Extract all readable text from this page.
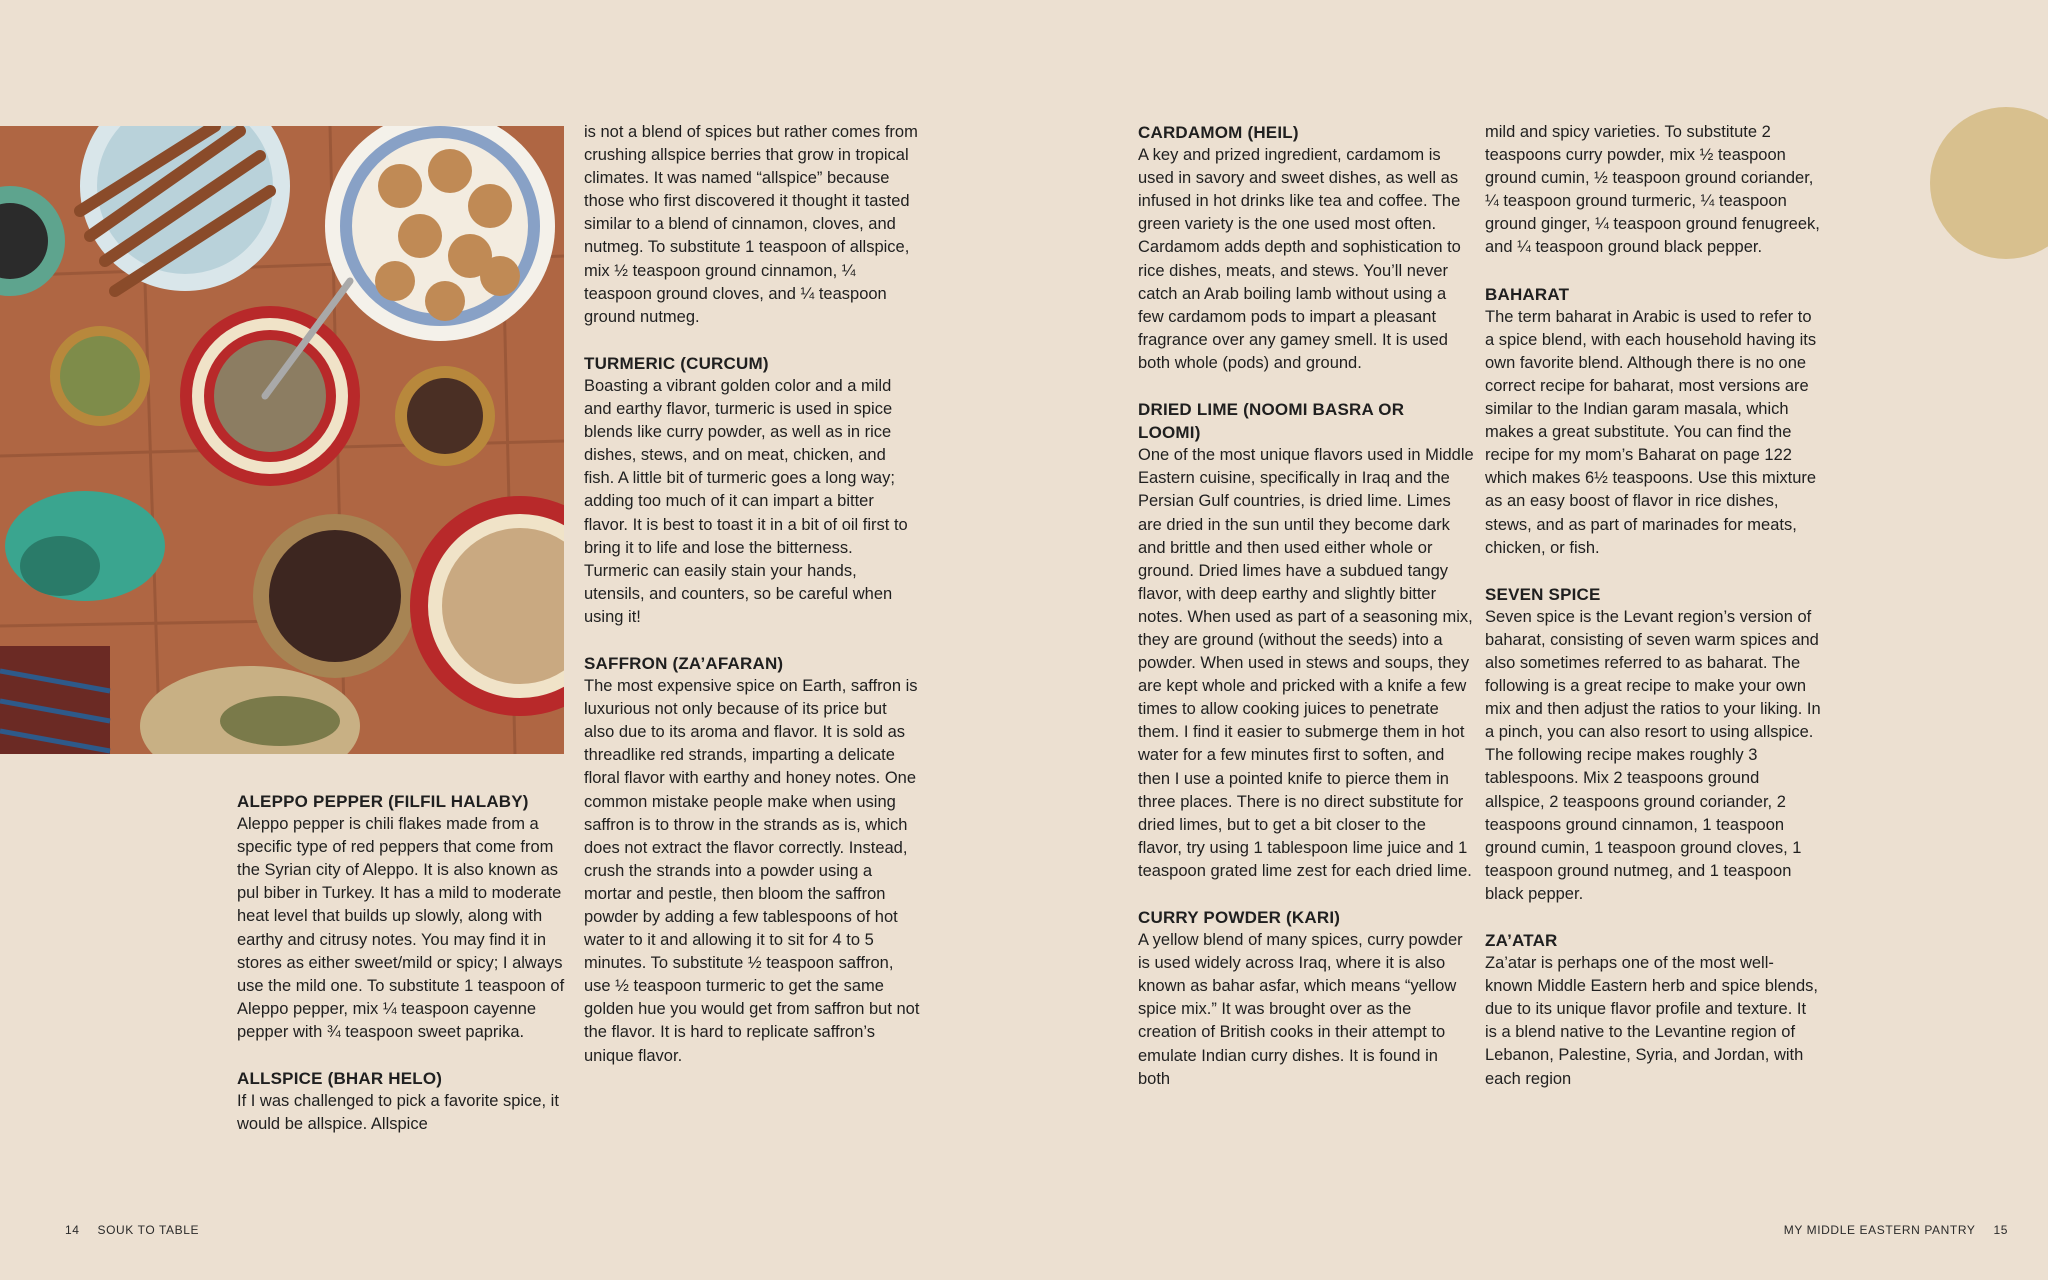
ALEPPO PEPPER (FILFIL HALABY)

Aleppo pepper is chili flakes made from a specific type of red peppers that come from the Syrian city of Aleppo. It is also known as pul biber in Turkey. It has a mild to moderate heat level that builds up slowly, along with earthy and citrusy notes. You may find it in stores as either sweet/mild or spicy; I always use the mild one. To substitute 1 teaspoon of Aleppo pepper, mix ¼ teaspoon cayenne pepper with ¾ teaspoon sweet paprika.

ALLSPICE (BHAR HELO)

If I was challenged to pick a favorite spice, it would be allspice. Allspice

is not a blend of spices but rather comes from crushing allspice berries that grow in tropical climates. It was named “allspice” because those who first discovered it thought it tasted similar to a blend of cinnamon, cloves, and nutmeg. To substitute 1 teaspoon of allspice, mix ½ teaspoon ground cinnamon, ¼ teaspoon ground cloves, and ¼ teaspoon ground nutmeg.

TURMERIC (CURCUM)

Boasting a vibrant golden color and a mild and earthy flavor, turmeric is used in spice blends like curry powder, as well as in rice dishes, stews, and on meat, chicken, and fish. A little bit of turmeric goes a long way; adding too much of it can impart a bitter flavor. It is best to toast it in a bit of oil first to bring it to life and lose the bitterness. Turmeric can easily stain your hands, utensils, and counters, so be careful when using it!

SAFFRON (ZA’AFARAN)

The most expensive spice on Earth, saffron is luxurious not only because of its price but also due to its aroma and flavor. It is sold as threadlike red strands, imparting a delicate floral flavor with earthy and honey notes. One common mistake people make when using saffron is to throw in the strands as is, which does not extract the flavor correctly. Instead, crush the strands into a powder using a mortar and pestle, then bloom the saffron powder by adding a few tablespoons of hot water to it and allowing it to sit for 4 to 5 minutes. To substitute ½ teaspoon saffron, use ½ teaspoon turmeric to get the same golden hue you would get from saffron but not the flavor. It is hard to replicate saffron’s unique flavor.

14 SOUK TO TABLE
CARDAMOM (HEIL)

A key and prized ingredient, cardamom is used in savory and sweet dishes, as well as infused in hot drinks like tea and coffee. The green variety is the one used most often. Cardamom adds depth and sophistication to rice dishes, meats, and stews. You’ll never catch an Arab boiling lamb without using a few cardamom pods to impart a pleasant fragrance over any gamey smell. It is used both whole (pods) and ground.

DRIED LIME (NOOMI BASRA OR LOOMI)

One of the most unique flavors used in Middle Eastern cuisine, specifically in Iraq and the Persian Gulf countries, is dried lime. Limes are dried in the sun until they become dark and brittle and then used either whole or ground. Dried limes have a subdued tangy flavor, with deep earthy and slightly bitter notes. When used as part of a seasoning mix, they are ground (without the seeds) into a powder. When used in stews and soups, they are kept whole and pricked with a knife a few times to allow cooking juices to penetrate them. I find it easier to submerge them in hot water for a few minutes first to soften, and then I use a pointed knife to pierce them in three places. There is no direct substitute for dried limes, but to get a bit closer to the flavor, try using 1 tablespoon lime juice and 1 teaspoon grated lime zest for each dried lime.

CURRY POWDER (KARI)

A yellow blend of many spices, curry powder is used widely across Iraq, where it is also known as bahar asfar, which means “yellow spice mix.” It was brought over as the creation of British cooks in their attempt to emulate Indian curry dishes. It is found in both

mild and spicy varieties. To substitute 2 teaspoons curry powder, mix ½ teaspoon ground cumin, ½ teaspoon ground coriander, ¼ teaspoon ground turmeric, ¼ teaspoon ground ginger, ¼ teaspoon ground fenugreek, and ¼ teaspoon ground black pepper.

BAHARAT

The term baharat in Arabic is used to refer to a spice blend, with each household having its own favorite blend. Although there is no one correct recipe for baharat, most versions are similar to the Indian garam masala, which makes a great substitute. You can find the recipe for my mom’s Baharat on page 122 which makes 6½ teaspoons. Use this mixture as an easy boost of flavor in rice dishes, stews, and as part of marinades for meats, chicken, or fish.

SEVEN SPICE

Seven spice is the Levant region’s version of baharat, consisting of seven warm spices and also sometimes referred to as baharat. The following is a great recipe to make your own mix and then adjust the ratios to your liking. In a pinch, you can also resort to using allspice. The following recipe makes roughly 3 tablespoons. Mix 2 teaspoons ground allspice, 2 teaspoons ground coriander, 2 teaspoons ground cinnamon, 1 teaspoon ground cumin, 1 teaspoon ground cloves, 1 teaspoon ground nutmeg, and 1 teaspoon black pepper.

ZA’ATAR

Za’atar is perhaps one of the most well-known Middle Eastern herb and spice blends, due to its unique flavor profile and texture. It is a blend native to the Levantine region of Lebanon, Palestine, Syria, and Jordan, with each region

MY MIDDLE EASTERN PANTRY 15
